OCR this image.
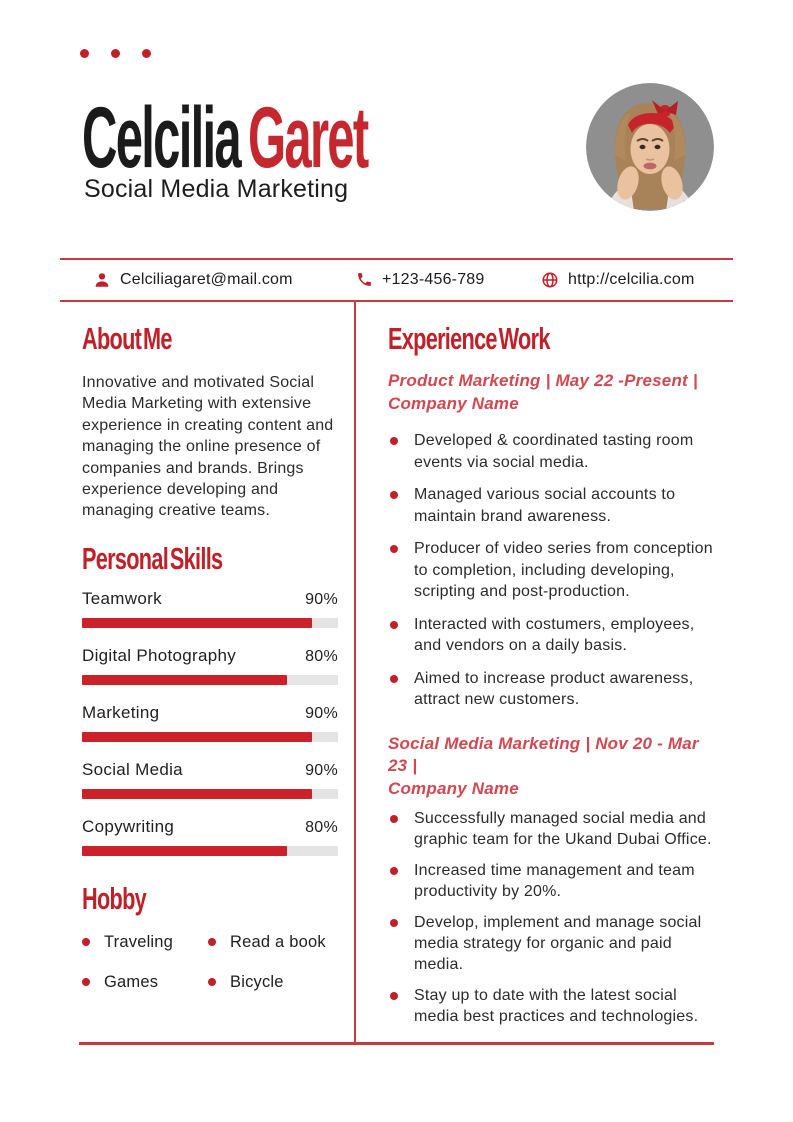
CelciliaGaret
Social Media Marketing
Celciliagaret@mail.com	+123-456-789	http://celcilia.com
About Me

Innovative and motivated Social Media Marketing with extensive experience in creating content and managing the online presence of companies and brands. Brings experience developing and managing creative teams.

Personal Skills
Teamwork	90%
Digital Photography	80%
Marketing	90%
Social Media	90%
Copywriting	80%
Hobby
Traveling	Read a book
Games	Bicycle
Experience Work
Product Marketing | May 22 -Present |
Company Name
Developed & coordinated tasting room events via social media.
Managed various social accounts to maintain brand awareness.
Producer of video series from conception to completion, including developing, scripting and post-production.
Interacted with costumers, employees, and vendors on a daily basis.
Aimed to increase product awareness, attract new customers.
Social Media Marketing | Nov 20 - Mar 23 |
Company Name
Successfully managed social media and graphic team for the Ukand Dubai Office.
Increased time management and team productivity by 20%.
Develop, implement and manage social media strategy for organic and paid media.
Stay up to date with the latest social media best practices and technologies.
